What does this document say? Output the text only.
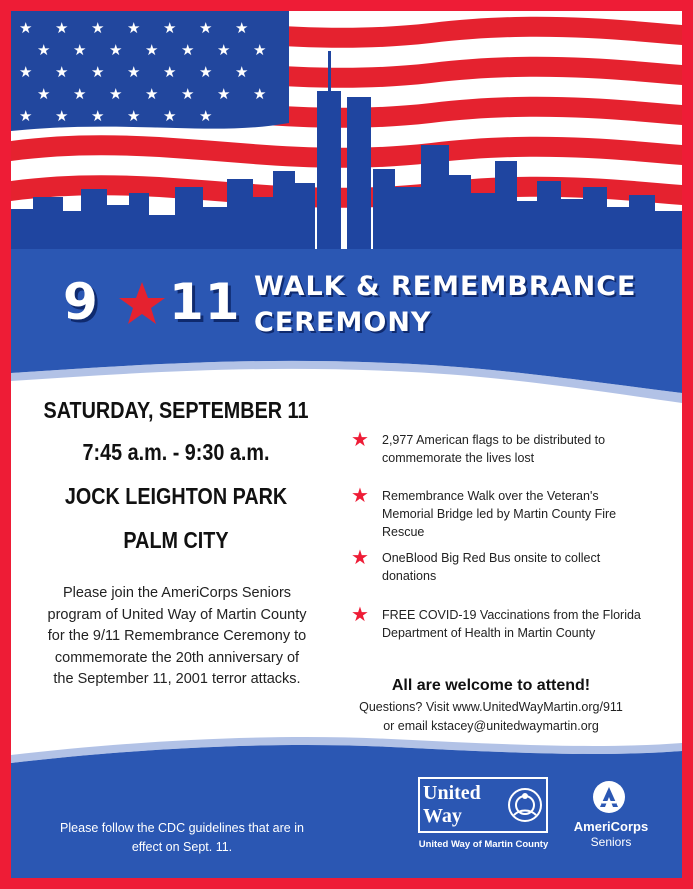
★ ★ ★ ★ ★ ★ ★
★ ★ ★ ★ ★ ★ ★
★ ★ ★ ★ ★ ★ ★
★ ★ ★ ★ ★ ★ ★
★ ★ ★ ★ ★ ★
9 11 WALK & REMEMBRANCE
CEREMONY
SATURDAY, SEPTEMBER 11
7:45 a.m. - 9:30 a.m.
JOCK LEIGHTON PARK
PALM CITY
Please join the AmeriCorps Seniors program of United Way of Martin County for the 9/11 Remembrance Ceremony to commemorate the 20th anniversary of the September 11, 2001 terror attacks.
★ 2,977 American flags to be distributed to commemorate the lives lost
★ Remembrance Walk over the Veteran's Memorial Bridge led by Martin County Fire Rescue
★ OneBlood Big Red Bus onsite to collect donations
★ FREE COVID-19 Vaccinations from the Florida Department of Health in Martin County
All are welcome to attend!
Questions? Visit www.UnitedWayMartin.org/911
or email kstacey@unitedwaymartin.org
Please follow the CDC guidelines that are in effect on Sept. 11.
United
Way
United Way of Martin County
AmeriCorps
Seniors
